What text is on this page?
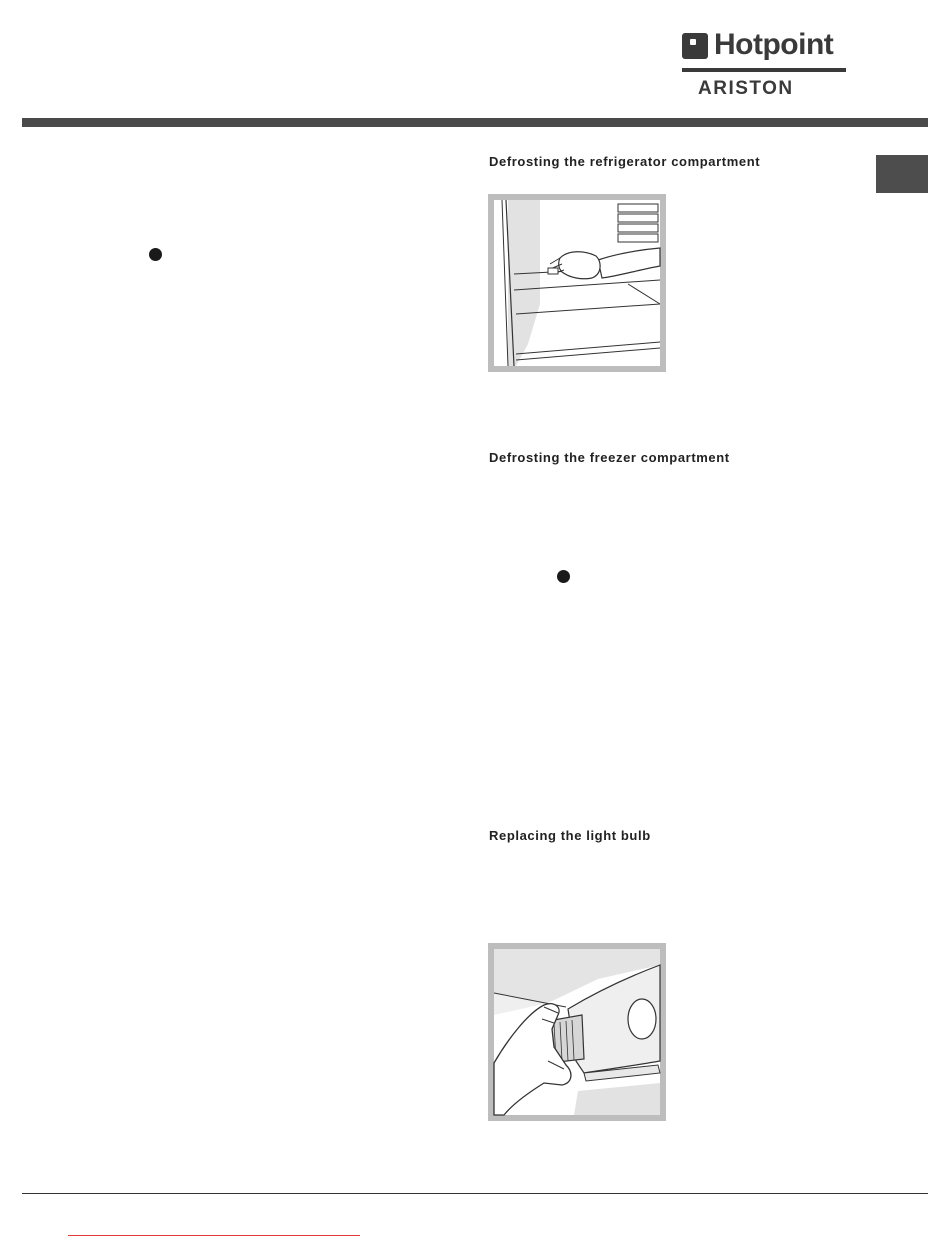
Hotpoint
ARISTON
Defrosting the refrigerator compartment
Defrosting the freezer compartment
Replacing the light bulb
